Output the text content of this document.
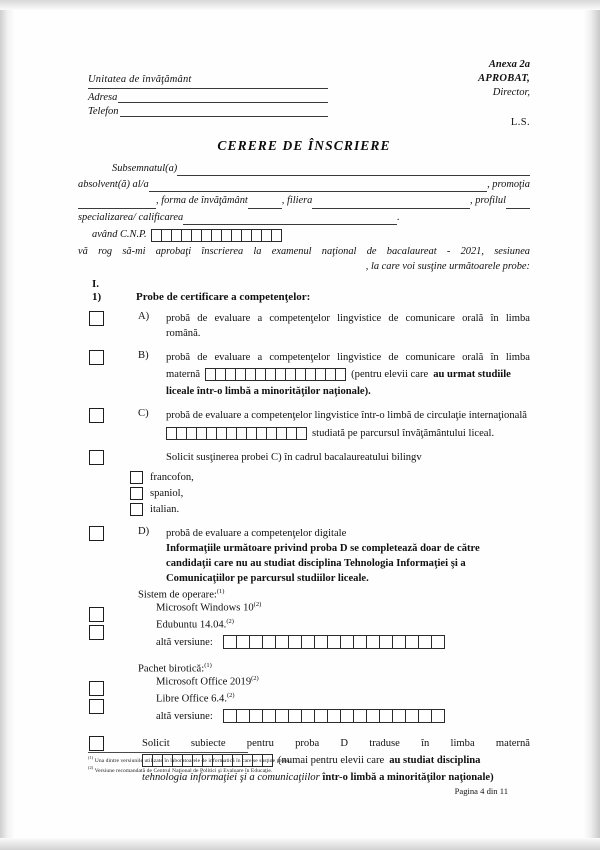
Unitatea de învăţământ
Adresa
Telefon
Anexa 2a
APROBAT,
Director,
L.S.
CERERE DE ÎNSCRIERE
Subsemnatul(a)
absolvent(ă) al/a	, promoţia
, forma de învăţământ	, filiera	, profilul
specializarea/ calificarea	.
având C.N.P.
vă rog să-mi aprobaţi înscrierea la examenul naţional de bacalaureat - 2021, sesiunea
, la care voi susţine următoarele probe:
I.
1)	Probe de certificare a competenţelor:
A)	probă de evaluare a competenţelor lingvistice de comunicare orală în limba
română.
B)	probă de evaluare a competenţelor lingvistice de comunicare orală în limba
maternă	(pentru elevii care au urmat studiile
liceale într-o limbă a minorităţilor naţionale).
C)	probă de evaluare a competenţelor lingvistice într-o limbă de circulaţie internaţională
studiată pe parcursul învăţământului liceal.
Solicit susţinerea probei C) în cadrul bacalaureatului bilingv
francofon,
spaniol,
italian.
D)	probă de evaluare a competenţelor digitale
Informaţiile următoare privind proba D se completează doar de către
candidaţii care nu au studiat disciplina Tehnologia Informaţiei şi a
Comunicaţiilor pe parcursul studiilor liceale.
Sistem de operare:$^{(1)}$
Microsoft Windows 10$^{(2)}$
Edubuntu 14.04.$^{(2)}$
altă versiune:
Pachet birotică:$^{(1)}$
Microsoft Office 2019$^{(2)}$
Libre Office 6.4.$^{(2)}$
altă versiune:
Solicit subiecte pentru proba D traduse în limba maternă
(numai pentru elevii care au studiat disciplina
tehnologia informaţiei şi a comunicaţiilor într-o limbă a minorităţilor naţionale)
$^{(1)}$ Una dintre versiunile utilizate în laboratoarele de informatică în care se susţine proba.
$^{(2)}$ Versiune recomandată de Centrul Naţional de Politici şi Evaluare în Educaţie.
Pagina 4 din 11
